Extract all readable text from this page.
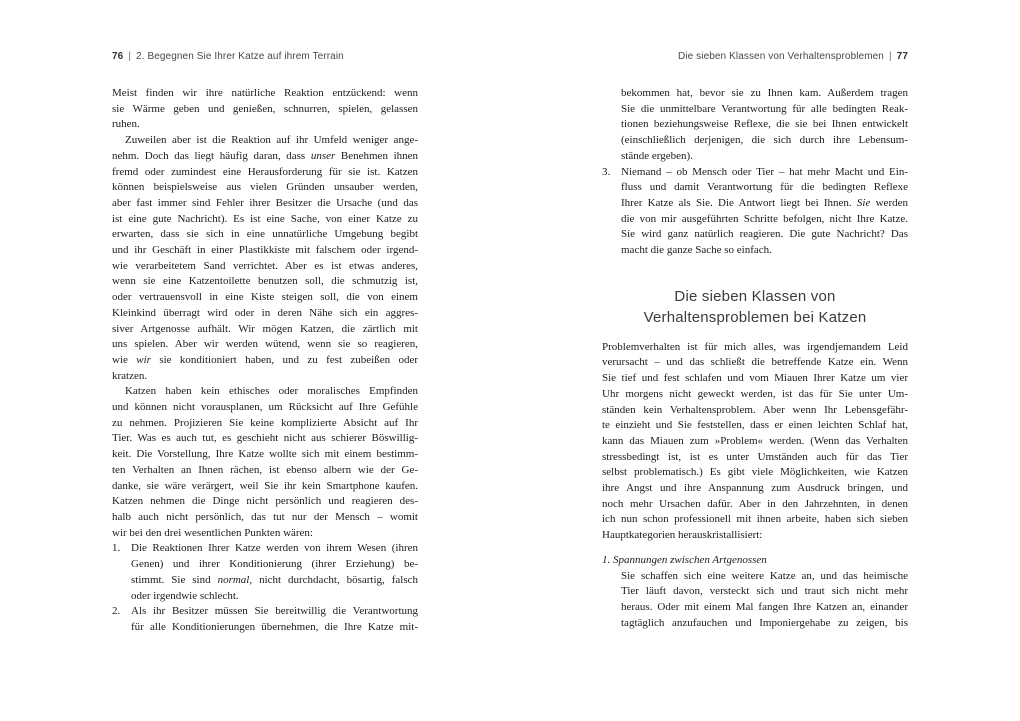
76 | 2. Begegnen Sie Ihrer Katze auf ihrem Terrain
Meist finden wir ihre natürliche Reaktion entzückend: wenn
sie Wärme geben und genießen, schnurren, spielen, gelassen
ruhen.
Zuweilen aber ist die Reaktion auf ihr Umfeld weniger ange-
nehm. Doch das liegt häufig daran, dass unser Benehmen ihnen
fremd oder zumindest eine Herausforderung für sie ist. Katzen
können beispielsweise aus vielen Gründen unsauber werden,
aber fast immer sind Fehler ihrer Besitzer die Ursache (und das
ist eine gute Nachricht). Es ist eine Sache, von einer Katze zu
erwarten, dass sie sich in eine unnatürliche Umgebung begibt
und ihr Geschäft in einer Plastikkiste mit falschem oder irgend-
wie verarbeitetem Sand verrichtet. Aber es ist etwas anderes,
wenn sie eine Katzentoilette benutzen soll, die schmutzig ist,
oder vertrauensvoll in eine Kiste steigen soll, die von einem
Kleinkind überragt wird oder in deren Nähe sich ein aggres-
siver Artgenosse aufhält. Wir mögen Katzen, die zärtlich mit
uns spielen. Aber wir werden wütend, wenn sie so reagieren,
wie wir sie konditioniert haben, und zu fest zubeißen oder
kratzen.
Katzen haben kein ethisches oder moralisches Empfinden
und können nicht vorausplanen, um Rücksicht auf Ihre Gefühle
zu nehmen. Projizieren Sie keine komplizierte Absicht auf Ihr
Tier. Was es auch tut, es geschieht nicht aus schierer Böswillig-
keit. Die Vorstellung, Ihre Katze wollte sich mit einem bestimm-
ten Verhalten an Ihnen rächen, ist ebenso albern wie der Ge-
danke, sie wäre verärgert, weil Sie ihr kein Smartphone kaufen.
Katzen nehmen die Dinge nicht persönlich und reagieren des-
halb auch nicht persönlich, das tut nur der Mensch – womit
wir bei den drei wesentlichen Punkten wären:
1. Die Reaktionen Ihrer Katze werden von ihrem Wesen (ihren
Genen) und ihrer Konditionierung (ihrer Erziehung) be-
stimmt. Sie sind normal, nicht durchdacht, bösartig, falsch
oder irgendwie schlecht.
2. Als ihr Besitzer müssen Sie bereitwillig die Verantwortung
für alle Konditionierungen übernehmen, die Ihre Katze mit-
Die sieben Klassen von Verhaltensproblemen | 77
bekommen hat, bevor sie zu Ihnen kam. Außerdem tragen
Sie die unmittelbare Verantwortung für alle bedingten Reak-
tionen beziehungsweise Reflexe, die sie bei Ihnen entwickelt
(einschließlich derjenigen, die sich durch ihre Lebensum-
stände ergeben).
3. Niemand – ob Mensch oder Tier – hat mehr Macht und Ein-
fluss und damit Verantwortung für die bedingten Reflexe
Ihrer Katze als Sie. Die Antwort liegt bei Ihnen. Sie werden
die von mir ausgeführten Schritte befolgen, nicht Ihre Katze.
Sie wird ganz natürlich reagieren. Die gute Nachricht? Das
macht die ganze Sache so einfach.
Die sieben Klassen von
Verhaltensproblemen bei Katzen
Problemverhalten ist für mich alles, was irgendjemandem Leid
verursacht – und das schließt die betreffende Katze ein. Wenn
Sie tief und fest schlafen und vom Miauen Ihrer Katze um vier
Uhr morgens nicht geweckt werden, ist das für Sie unter Um-
ständen kein Verhaltensproblem. Aber wenn Ihr Lebensgefähr-
te einzieht und Sie feststellen, dass er einen leichten Schlaf hat,
kann das Miauen zum »Problem« werden. (Wenn das Verhalten
stressbedingt ist, ist es unter Umständen auch für das Tier
selbst problematisch.) Es gibt viele Möglichkeiten, wie Katzen
ihre Angst und ihre Anspannung zum Ausdruck bringen, und
noch mehr Ursachen dafür. Aber in den Jahrzehnten, in denen
ich nun schon professionell mit ihnen arbeite, haben sich sieben
Hauptkategorien herauskristallisiert:
1. Spannungen zwischen Artgenossen
Sie schaffen sich eine weitere Katze an, und das heimische
Tier läuft davon, versteckt sich und traut sich nicht mehr
heraus. Oder mit einem Mal fangen Ihre Katzen an, einander
tagtäglich anzufauchen und Imponiergehabe zu zeigen, bis
